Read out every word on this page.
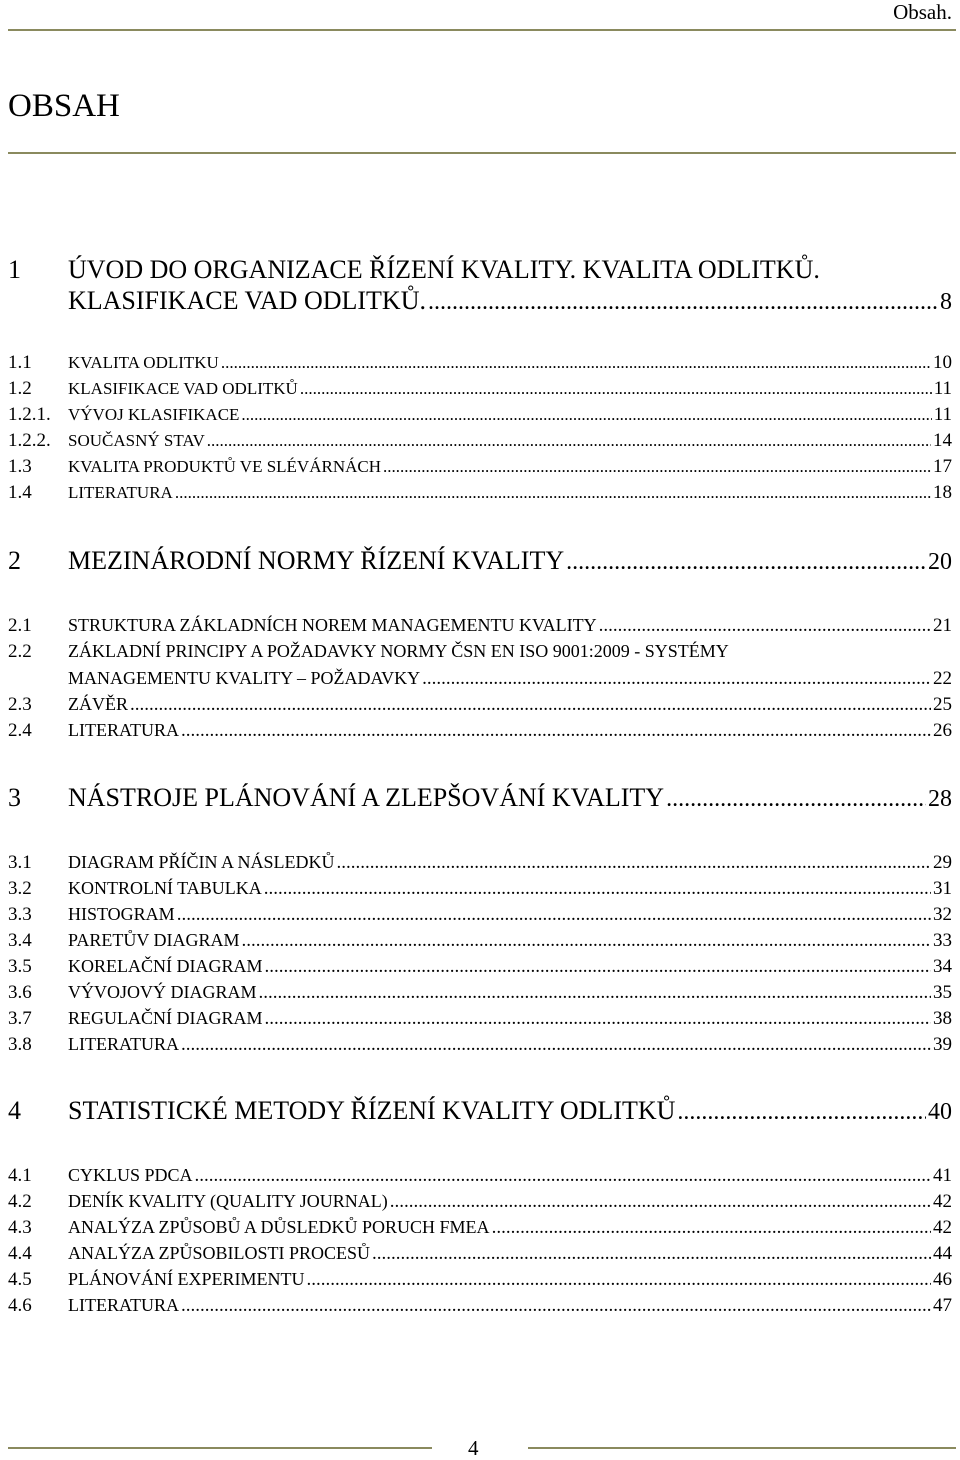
Obsah.
OBSAH
1	ÚVOD DO ORGANIZACE ŘÍZENÍ KVALITY. KVALITA ODLITKŮ.
KLASIFIKACE VAD ODLITKŮ. .....	8
1.1	KVALITA ODLITKU .....	10
1.2	KLASIFIKACE VAD ODLITKŮ .....	11
1.2.1.	VÝVOJ KLASIFIKACE .....	11
1.2.2.	SOUČASNÝ STAV .....	14
1.3	KVALITA PRODUKTŮ VE SLÉVÁRNÁCH .....	17
1.4	LITERATURA .....	18
2	MEZINÁRODNÍ NORMY ŘÍZENÍ KVALITY .....	20
2.1	STRUKTURA ZÁKLADNÍCH NOREM MANAGEMENTU KVALITY .....	21
2.2	ZÁKLADNÍ PRINCIPY A POŽADAVKY NORMY ČSN EN ISO 9001:2009 - SYSTÉMY
MANAGEMENTU KVALITY – POŽADAVKY .....	22
2.3	ZÁVĚR .....	25
2.4	LITERATURA .....	26
3	NÁSTROJE PLÁNOVÁNÍ A ZLEPŠOVÁNÍ KVALITY .....	28
3.1	DIAGRAM PŘÍČIN A NÁSLEDKŮ .....	29
3.2	KONTROLNÍ TABULKA .....	31
3.3	HISTOGRAM .....	32
3.4	PARETŮV DIAGRAM .....	33
3.5	KORELAČNÍ DIAGRAM .....	34
3.6	VÝVOJOVÝ DIAGRAM .....	35
3.7	REGULAČNÍ DIAGRAM .....	38
3.8	LITERATURA .....	39
4	STATISTICKÉ METODY ŘÍZENÍ KVALITY ODLITKŮ .....	40
4.1	CYKLUS PDCA .....	41
4.2	DENÍK KVALITY (QUALITY JOURNAL) .....	42
4.3	ANALÝZA ZPŮSOBŮ A DŮSLEDKŮ PORUCH FMEA .....	42
4.4	ANALÝZA ZPŮSOBILOSTI PROCESŮ .....	44
4.5	PLÁNOVÁNÍ EXPERIMENTU .....	46
4.6	LITERATURA .....	47
4
